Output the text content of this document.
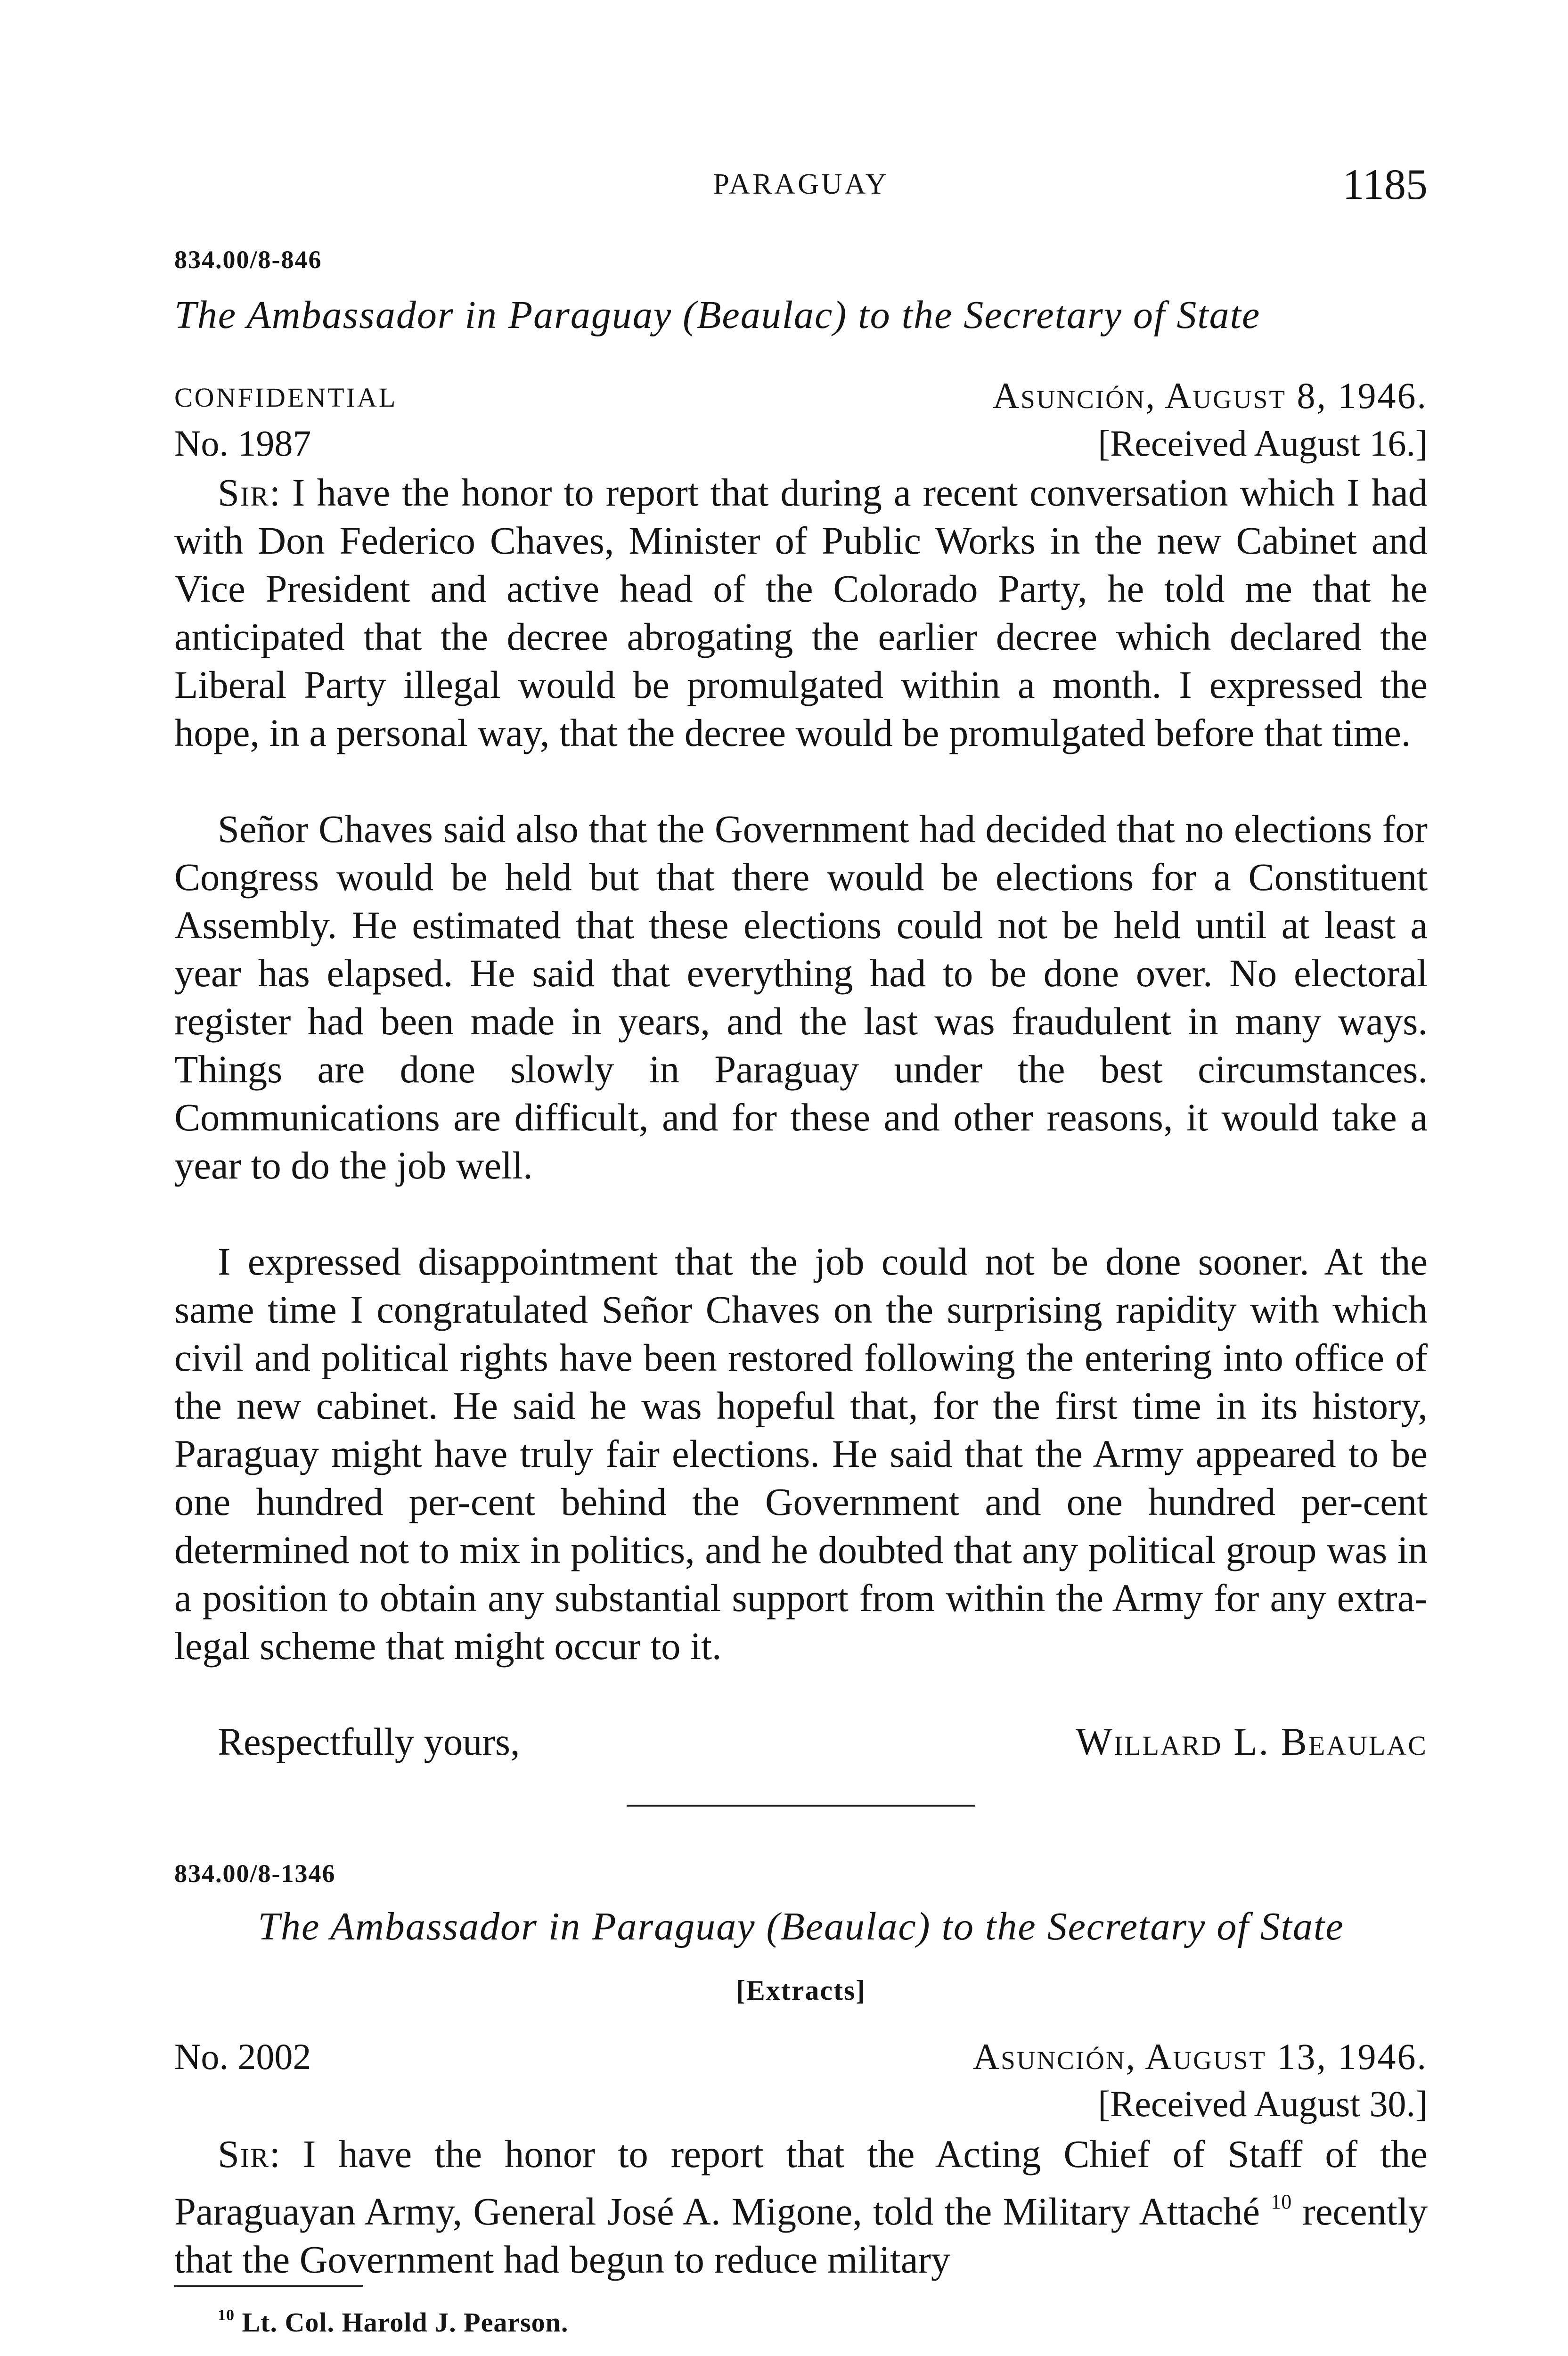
PARAGUAY	1185
834.00/8-846
The Ambassador in Paraguay (Beaulac) to the Secretary of State
CONFIDENTIAL	Asunción, August 8, 1946.
No. 1987	[Received August 16.]

Sir: I have the honor to report that during a recent conversation which I had with Don Federico Chaves, Minister of Public Works in the new Cabinet and Vice President and active head of the Colorado Party, he told me that he anticipated that the decree abrogating the earlier decree which declared the Liberal Party illegal would be promulgated within a month. I expressed the hope, in a personal way, that the decree would be promulgated before that time.

Señor Chaves said also that the Government had decided that no elections for Congress would be held but that there would be elections for a Constituent Assembly. He estimated that these elections could not be held until at least a year has elapsed. He said that everything had to be done over. No electoral register had been made in years, and the last was fraudulent in many ways. Things are done slowly in Paraguay under the best circumstances. Communications are difficult, and for these and other reasons, it would take a year to do the job well.

I expressed disappointment that the job could not be done sooner. At the same time I congratulated Señor Chaves on the surprising rapidity with which civil and political rights have been restored following the entering into office of the new cabinet. He said he was hopeful that, for the first time in its history, Paraguay might have truly fair elections. He said that the Army appeared to be one hundred per-cent behind the Government and one hundred per-cent determined not to mix in politics, and he doubted that any political group was in a position to obtain any substantial support from within the Army for any extra-legal scheme that might occur to it.

Respectfully yours,	Willard L. Beaulac
834.00/8-1346
The Ambassador in Paraguay (Beaulac) to the Secretary of State
[Extracts]
No. 2002	Asunción, August 13, 1946.
[Received August 30.]

Sir: I have the honor to report that the Acting Chief of Staff of the Paraguayan Army, General José A. Migone, told the Military Attaché $^{10}$ recently that the Government had begun to reduce military

$^{10}$ Lt. Col. Harold J. Pearson.
